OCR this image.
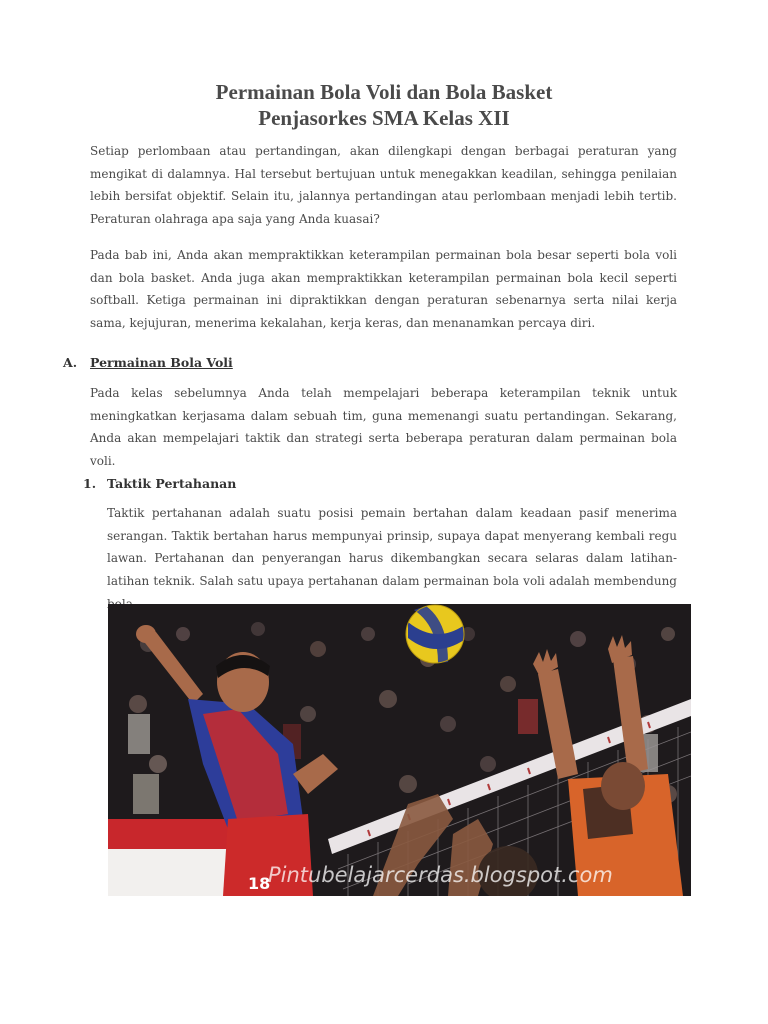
Permainan Bola Voli dan Bola Basket
Penjasorkes SMA Kelas XII

Setiap perlombaan atau pertandingan, akan dilengkapi dengan berbagai peraturan yang mengikat di dalamnya. Hal tersebut bertujuan untuk menegakkan keadilan, sehingga penilaian lebih bersifat objektif. Selain itu, jalannya pertandingan atau perlombaan menjadi lebih tertib. Peraturan olahraga apa saja yang Anda kuasai?

Pada bab ini, Anda akan mempraktikkan keterampilan permainan bola besar seperti bola voli dan bola basket. Anda juga akan mempraktikkan keterampilan permainan bola kecil seperti softball. Ketiga permainan ini dipraktikkan dengan peraturan sebenarnya serta nilai kerja sama, kejujuran, menerima kekalahan, kerja keras, dan menanamkan percaya diri.

A. Permainan Bola Voli

Pada kelas sebelumnya Anda telah mempelajari beberapa keterampilan teknik untuk meningkatkan kerjasama dalam sebuah tim, guna memenangi suatu pertandingan. Sekarang, Anda akan mempelajari taktik dan strategi serta beberapa peraturan dalam permainan bola voli.

1. Taktik Pertahanan

Taktik pertahanan adalah suatu posisi pemain bertahan dalam keadaan pasif menerima serangan. Taktik bertahan harus mempunyai prinsip, supaya dapat menyerang kembali regu lawan. Pertahanan dan penyerangan harus dikembangkan secara selaras dalam latihan-latihan teknik. Salah satu upaya pertahanan dalam permainan bola voli adalah membendung

18
Pintubelajarcerdas.blogspot.com
